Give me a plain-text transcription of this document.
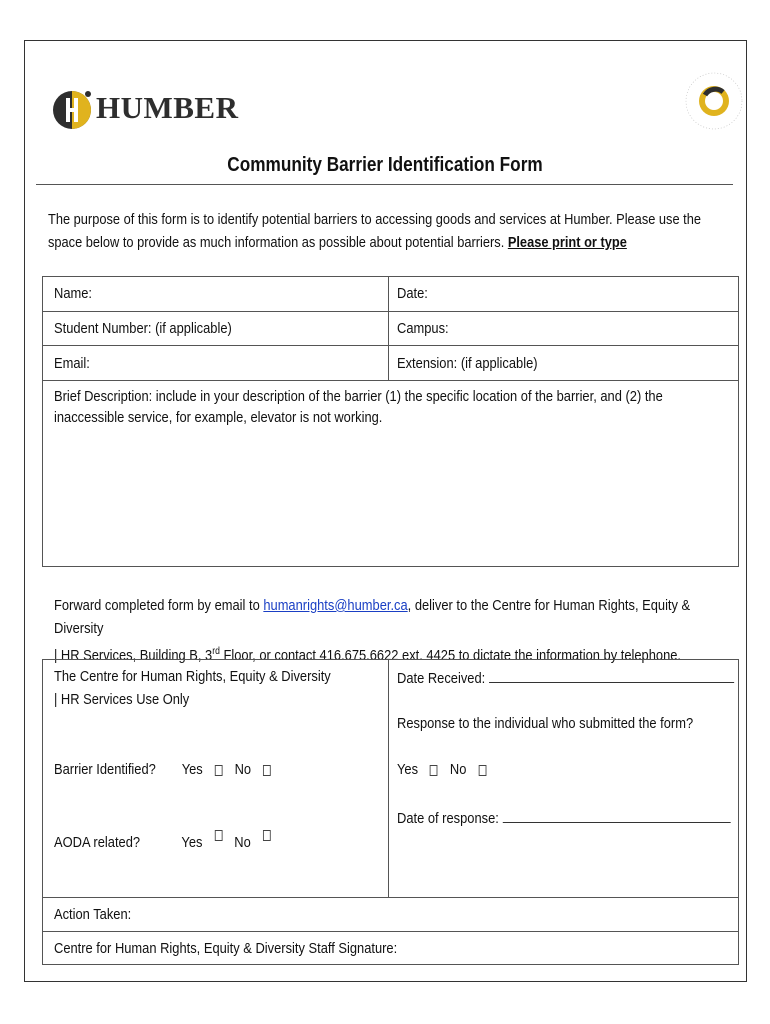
HUMBER
Community Barrier Identification Form
The purpose of this form is to identify potential barriers to accessing goods and services at Humber. Please use the space below to provide as much information as possible about potential barriers. Please print or type
Name:	Date:
Student Number: (if applicable)	Campus:
Email:	Extension: (if applicable)
Brief Description: include in your description of the barrier (1) the specific location of the barrier, and (2) the inaccessible service, for example, elevator is not working.
Forward completed form by email to humanrights@humber.ca, deliver to the Centre for Human Rights, Equity & Diversity
| HR Services, Building B, 3rd Floor, or contact 416.675.6622 ext. 4425 to dictate the information by telephone.
The Centre for Human Rights, Equity & Diversity
| HR Services Use Only
Barrier Identified? Yes No
AODA related?	Yes No
Date Received:
Response to the individual who submitted the form?
Yes No
Date of response:
Action Taken:
Centre for Human Rights, Equity & Diversity Staff Signature:
